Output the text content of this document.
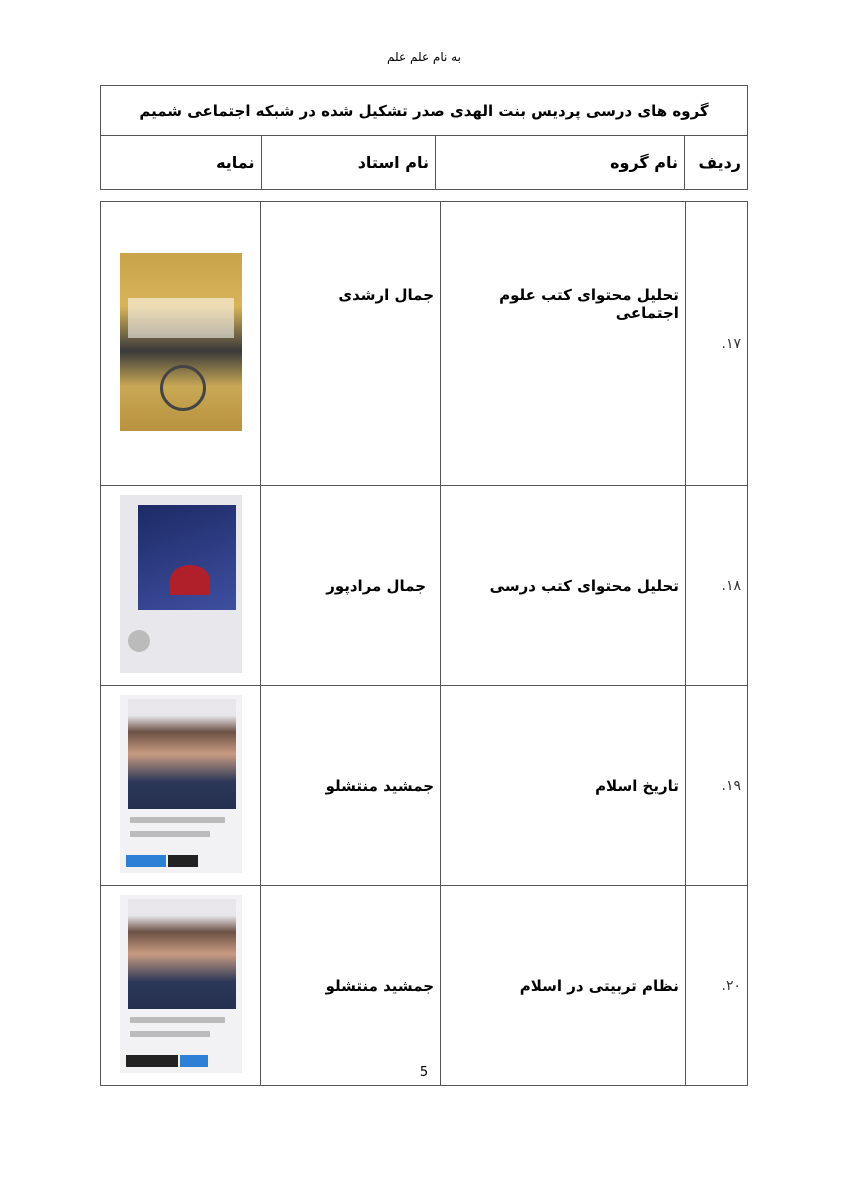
به نام علم علم
گروه های درسی پردیس بنت الهدی صدر تشکیل شده در شبکه اجتماعی شمیم
ردیف	نام گروه	نام استاد	نمایه
۱۷.	تحلیل محتوای کتب علوم اجتماعی	جمال ارشدی	

۱۸.	تحلیل محتوای کتب درسی	جمال مرادپور	

۱۹.	تاریخ اسلام	جمشید منتشلو	

۲۰.	نظام تربیتی در اسلام	جمشید منتشلو	
5
